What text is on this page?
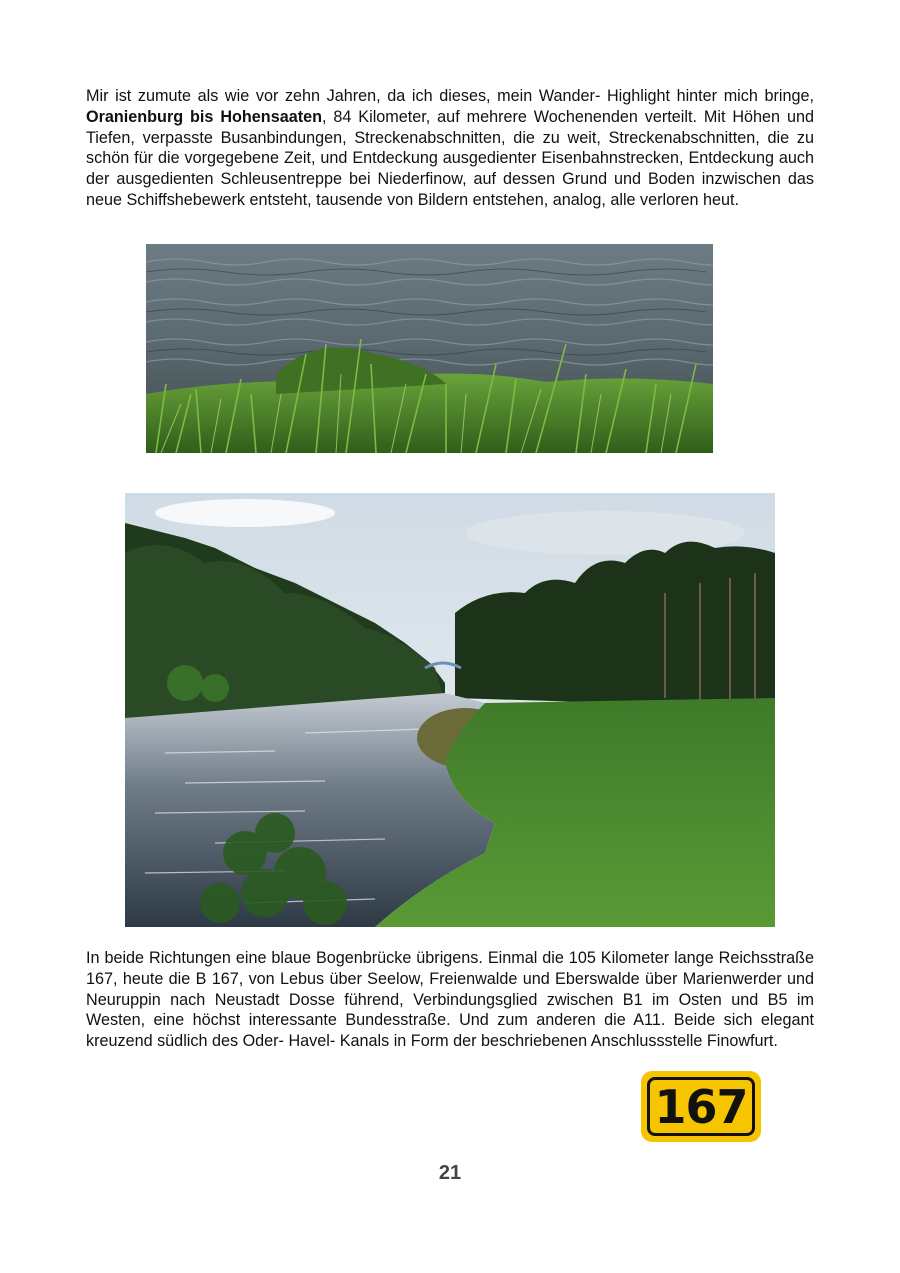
Mir ist zumute als wie vor zehn Jahren, da ich dieses, mein Wander- Highlight hinter mich bringe, Oranienburg bis Hohensaaten, 84 Kilometer, auf mehrere Wochenenden verteilt. Mit Höhen und Tiefen, verpasste Busanbindungen, Streckenabschnitten, die zu weit, Streckenabschnitten, die zu schön für die vorgegebene Zeit, und Entdeckung ausgedienter Eisenbahnstrecken, Entdeckung auch der ausgedienten Schleusentreppe bei Niederfinow, auf dessen Grund und Boden inzwischen das neue Schiffshebewerk entsteht, tausende von Bildern entstehen, analog, alle verloren heut.

In beide Richtungen eine blaue Bogenbrücke übrigens. Einmal die 105 Kilometer lange Reichsstraße 167, heute die B 167, von Lebus über Seelow, Freienwalde und Eberswalde über Marienwerder und Neuruppin nach Neustadt Dosse führend, Verbindungsglied zwischen B1 im Osten und B5 im Westen, eine höchst interessante Bundesstraße. Und zum anderen die A11. Beide sich elegant kreuzend südlich des Oder- Havel- Kanals in Form der beschriebenen Anschlussstelle Finowfurt.

167
21
